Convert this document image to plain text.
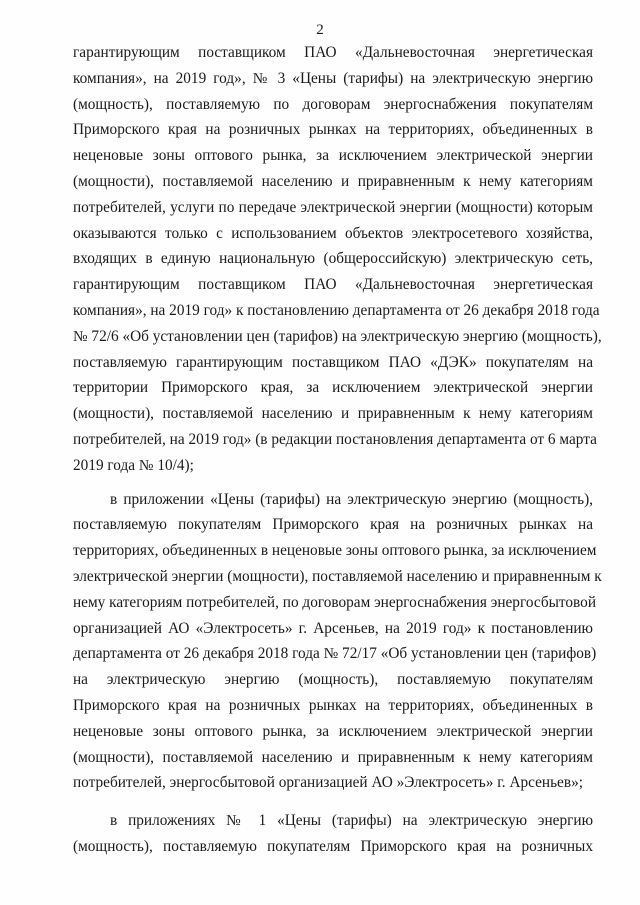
2
гарантирующим поставщиком ПАО «Дальневосточная энергетическая
компания», на 2019 год», № 3 «Цены (тарифы) на электрическую энергию
(мощность), поставляемую по договорам энергоснабжения покупателям
Приморского края на розничных рынках на территориях, объединенных в
неценовые зоны оптового рынка, за исключением электрической энергии
(мощности), поставляемой населению и приравненным к нему категориям
потребителей, услуги по передаче электрической энергии (мощности) которым
оказываются только с использованием объектов электросетевого хозяйства,
входящих в единую национальную (общероссийскую) электрическую сеть,
гарантирующим поставщиком ПАО «Дальневосточная энергетическая
компания», на 2019 год» к постановлению департамента от 26 декабря 2018 года
№ 72/6 «Об установлении цен (тарифов) на электрическую энергию (мощность),
поставляемую гарантирующим поставщиком ПАО «ДЭК» покупателям на
территории Приморского края, за исключением электрической энергии
(мощности), поставляемой населению и приравненным к нему категориям
потребителей, на 2019 год» (в редакции постановления департамента от 6 марта
2019 года № 10/4);
в приложении «Цены (тарифы) на электрическую энергию (мощность),
поставляемую покупателям Приморского края на розничных рынках на
территориях, объединенных в неценовые зоны оптового рынка, за исключением
электрической энергии (мощности), поставляемой населению и приравненным к
нему категориям потребителей, по договорам энергоснабжения энергосбытовой
организацией АО «Электросеть» г. Арсеньев, на 2019 год» к постановлению
департамента от 26 декабря 2018 года № 72/17 «Об установлении цен (тарифов)
на электрическую энергию (мощность), поставляемую покупателям
Приморского края на розничных рынках на территориях, объединенных в
неценовые зоны оптового рынка, за исключением электрической энергии
(мощности), поставляемой населению и приравненным к нему категориям
потребителей, энергосбытовой организацией АО »Электросеть» г. Арсеньев»;
в приложениях № 1 «Цены (тарифы) на электрическую энергию
(мощность), поставляемую покупателям Приморского края на розничных
